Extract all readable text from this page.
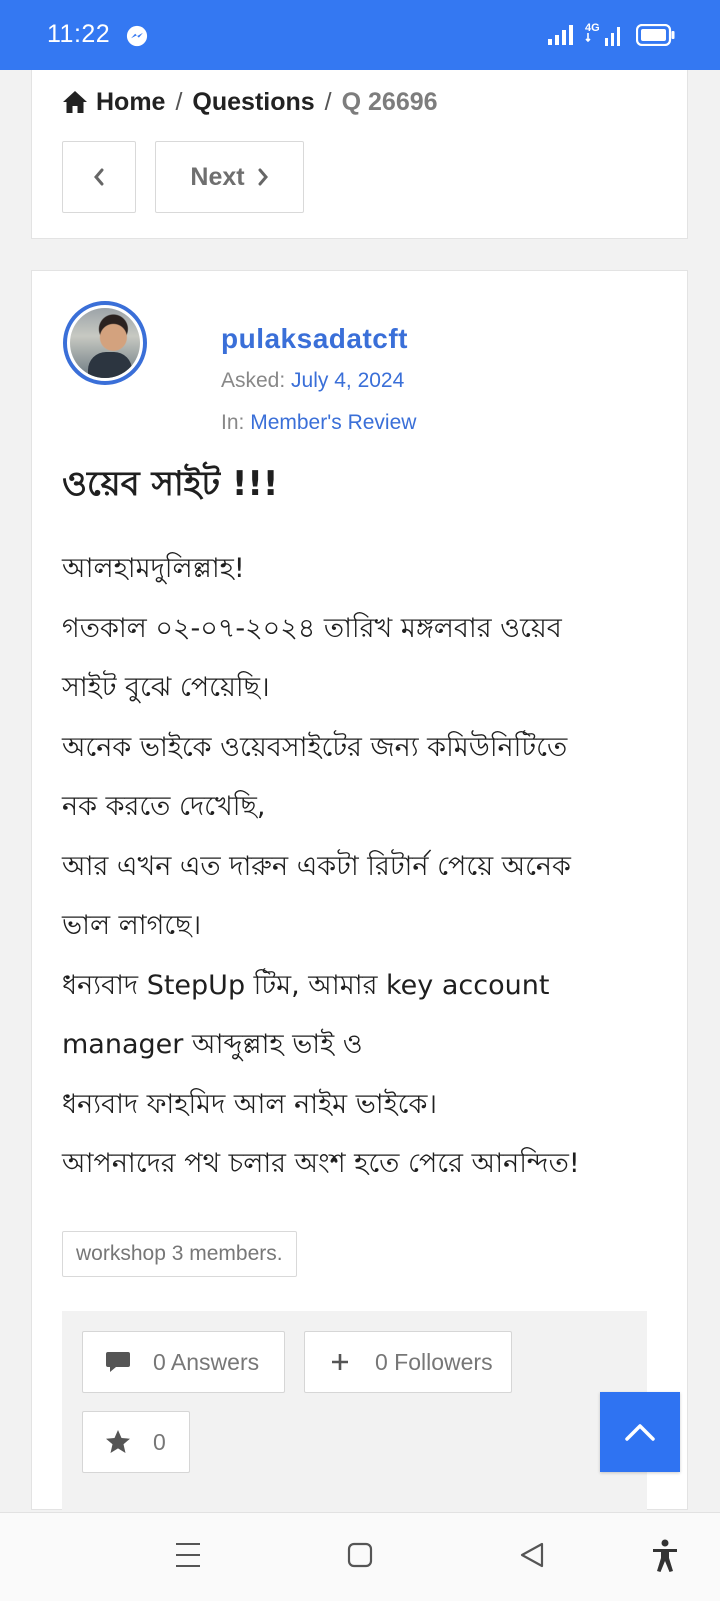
11:22	4G
Home / Questions / Q 26696
Next
pulaksadatcft
Asked: July 4, 2024
In: Member's Review
ওয়েব সাইট !!!

আলহামদুলিল্লাহ!

গতকাল ০২-০৭-২০২৪ তারিখ মঙ্গলবার ওয়েব

সাইট বুঝে পেয়েছি।

অনেক ভাইকে ওয়েবসাইটের জন্য কমিউনিটিতে

নক করতে দেখেছি,

আর এখন এত দারুন একটা রিটার্ন পেয়ে অনেক

ভাল লাগছে।

ধন্যবাদ StepUp টিম, আমার key account

manager আব্দুল্লাহ ভাই ও

ধন্যবাদ ফাহমিদ আল নাইম ভাইকে।

আপনাদের পথ চলার অংশ হতে পেরে আনন্দিত!

workshop 3 members.
0 Answers	0 Followers
0
